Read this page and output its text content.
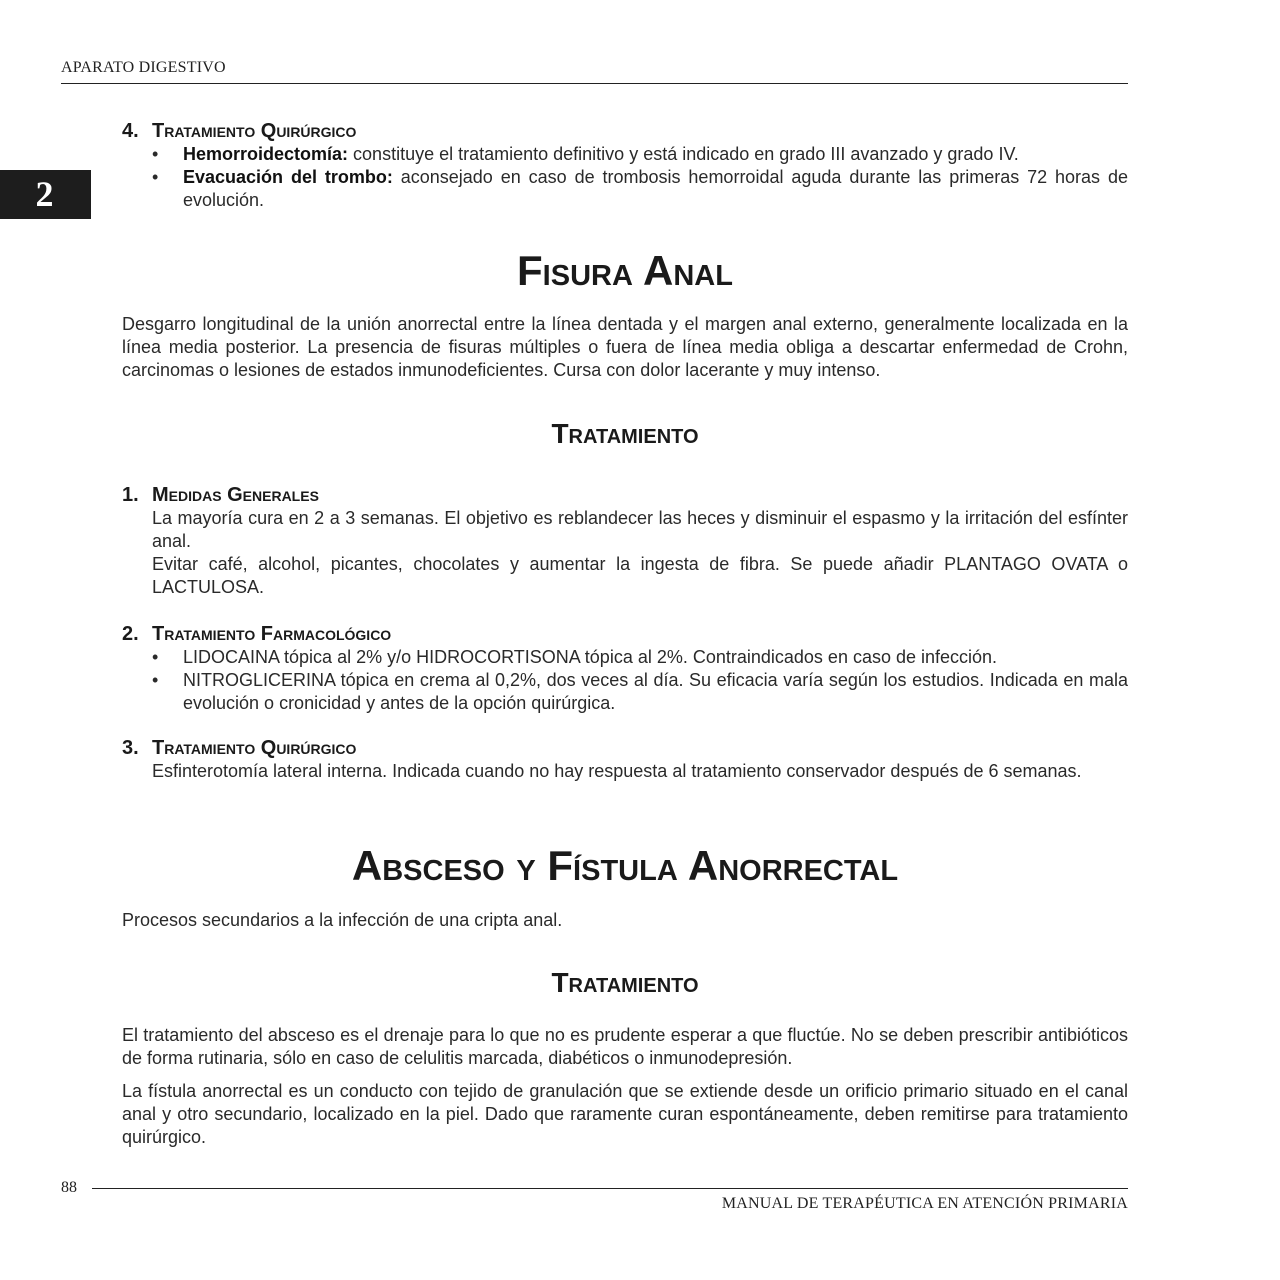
APARATO DIGESTIVO
2
4. Tratamiento Quirúrgico
• Hemorroidectomía: constituye el tratamiento definitivo y está indicado en grado III avanzado y grado IV.
• Evacuación del trombo: aconsejado en caso de trombosis hemorroidal aguda durante las primeras 72 horas de evolución.
Fisura Anal
Desgarro longitudinal de la unión anorrectal entre la línea dentada y el margen anal externo, generalmente localizada en la línea media posterior. La presencia de fisuras múltiples o fuera de línea media obliga a descartar enfermedad de Crohn, carcinomas o lesiones de estados inmunodeficientes. Cursa con dolor lacerante y muy intenso.
Tratamiento
1. Medidas Generales
La mayoría cura en 2 a 3 semanas. El objetivo es reblandecer las heces y disminuir el espasmo y la irritación del esfínter anal.
Evitar café, alcohol, picantes, chocolates y aumentar la ingesta de fibra. Se puede añadir PLANTAGO OVATA o LACTULOSA.
2. Tratamiento Farmacológico
• LIDOCAINA tópica al 2% y/o HIDROCORTISONA tópica al 2%. Contraindicados en caso de infección.
• NITROGLICERINA tópica en crema al 0,2%, dos veces al día. Su eficacia varía según los estudios. Indicada en mala evolución o cronicidad y antes de la opción quirúrgica.
3. Tratamiento Quirúrgico
Esfinterotomía lateral interna. Indicada cuando no hay respuesta al tratamiento conservador después de 6 semanas.
Absceso y Fístula Anorrectal
Procesos secundarios a la infección de una cripta anal.
Tratamiento
El tratamiento del absceso es el drenaje para lo que no es prudente esperar a que fluctúe. No se deben prescribir antibióticos de forma rutinaria, sólo en caso de celulitis marcada, diabéticos o inmunodepresión.
La fístula anorrectal es un conducto con tejido de granulación que se extiende desde un orificio primario situado en el canal anal y otro secundario, localizado en la piel. Dado que raramente curan espontáneamente, deben remitirse para tratamiento quirúrgico.
88
MANUAL DE TERAPÉUTICA EN ATENCIÓN PRIMARIA
